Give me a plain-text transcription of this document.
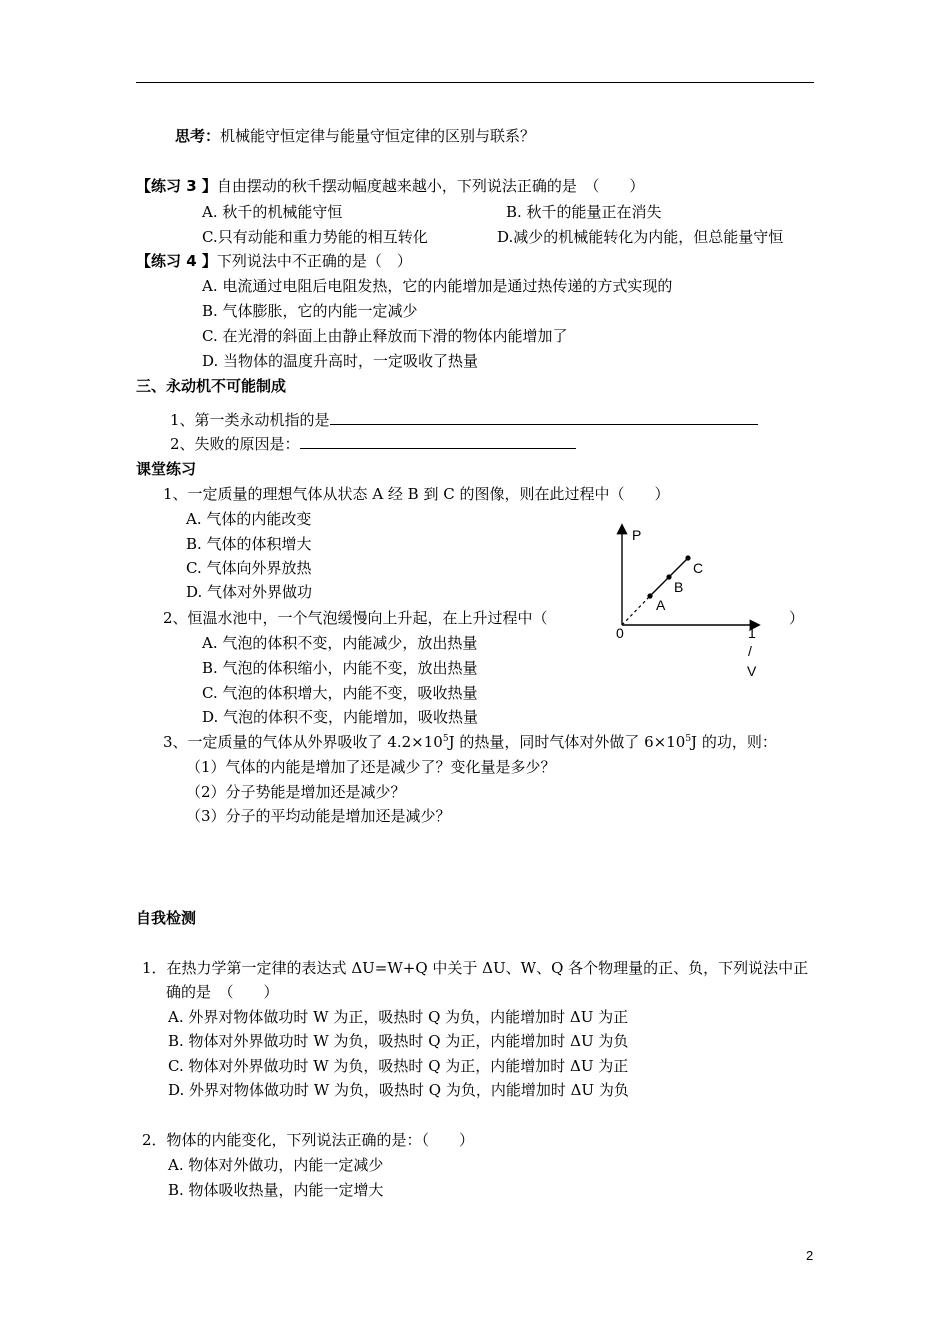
思考：机械能守恒定律与能量守恒定律的区别与联系？
【练习 3 】自由摆动的秋千摆动幅度越来越小，下列说法正确的是　（　　）
A. 秋千的机械能守恒	B. 秋千的能量正在消失
C.只有动能和重力势能的相互转化	D.减少的机械能转化为内能，但总能量守恒
【练习 4 】下列说法中不正确的是（　）
A. 电流通过电阻后电阻发热，它的内能增加是通过热传递的方式实现的
B. 气体膨胀，它的内能一定减少
C. 在光滑的斜面上由静止释放而下滑的物体内能增加了
D. 当物体的温度升高时，一定吸收了热量
三、永动机不可能制成
1、第一类永动机指的是
2、失败的原因是：
课堂练习
1、一定质量的理想气体从状态 A 经 B 到 C 的图像，则在此过程中（　　）
A. 气体的内能改变
B. 气体的体积增大
C. 气体向外界放热
D. 气体对外界做功
2、恒温水池中，一个气泡缓慢向上升起，在上升过程中（	）
A. 气泡的体积不变，内能减少，放出热量
B. 气泡的体积缩小，内能不变，放出热量
C. 气泡的体积增大，内能不变，吸收热量
D. 气泡的体积不变，内能增加，吸收热量
3、一定质量的气体从外界吸收了 $4.2\times 10^5J$ 的热量，同时气体对外做了 $6\times 10^5J$ 的功，则：
（1）气体的内能是增加了还是减少了？变化量是多少？
（2）分子势能是增加还是减少？
（3）分子的平均动能是增加还是减少？
P
0
A
B
C
1
/
V
自我检测
1．在热力学第一定律的表达式 ΔU=W+Q 中关于 ΔU、W、Q 各个物理量的正、负，下列说法中正
确的是　（　　）
A. 外界对物体做功时 W 为正，吸热时 Q 为负，内能增加时 ΔU 为正
B. 物体对外界做功时 W 为负，吸热时 Q 为正，内能增加时 ΔU 为负
C. 物体对外界做功时 W 为负，吸热时 Q 为正，内能增加时 ΔU 为正
D. 外界对物体做功时 W 为负，吸热时 Q 为负，内能增加时 ΔU 为负
2．物体的内能变化，下列说法正确的是：（　　）
A. 物体对外做功，内能一定减少
B. 物体吸收热量，内能一定增大
2
